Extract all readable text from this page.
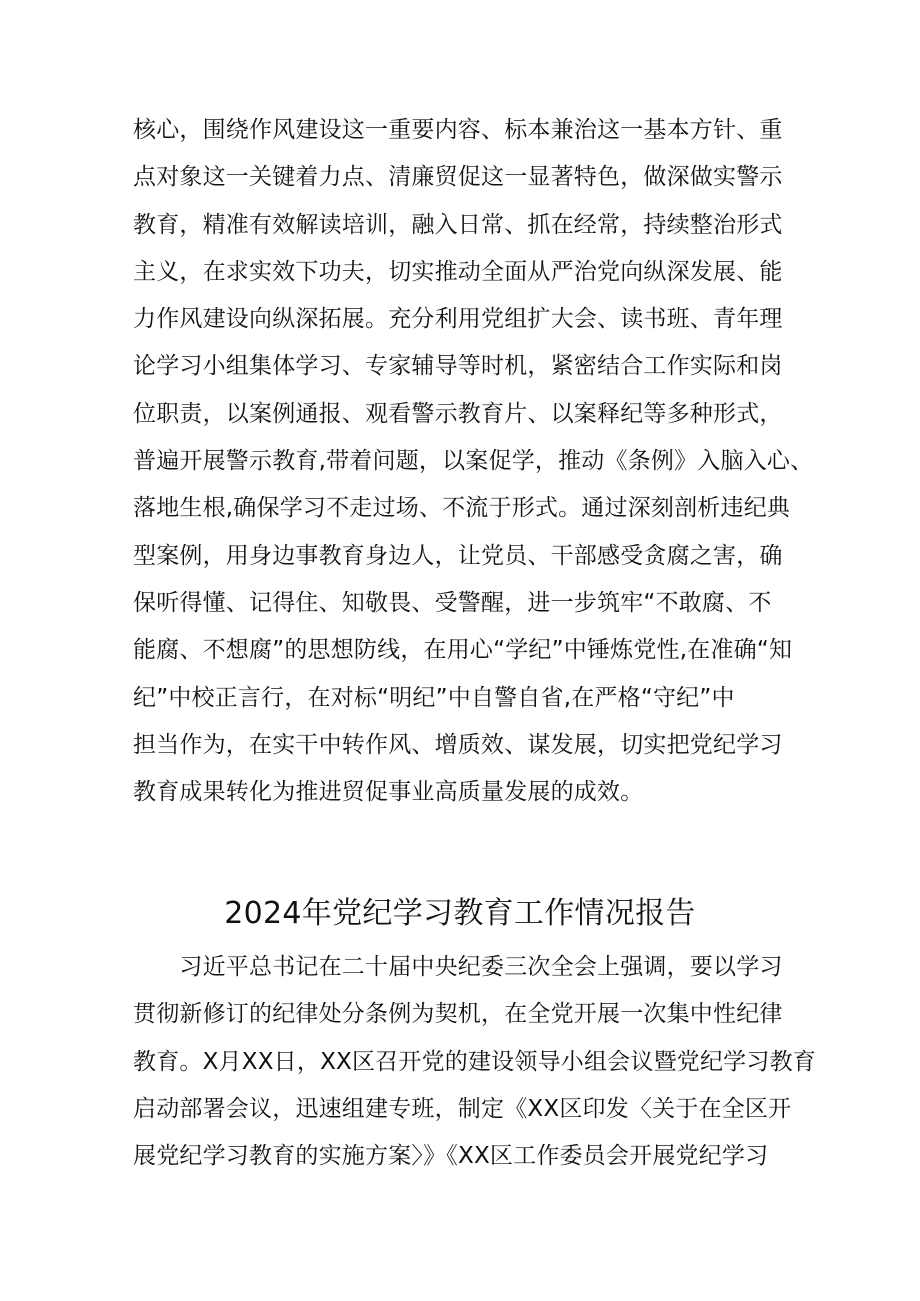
核心，围绕作风建设这一重要内容、标本兼治这一基本方针、重
点对象这一关键着力点、清廉贸促这一显著特色，做深做实警示
教育，精准有效解读培训，融入日常、抓在经常，持续整治形式
主义，在求实效下功夫，切实推动全面从严治党向纵深发展、能
力作风建设向纵深拓展。充分利用党组扩大会、读书班、青年理
论学习小组集体学习、专家辅导等时机，紧密结合工作实际和岗
位职责，以案例通报、观看警示教育片、以案释纪等多种形式，
普遍开展警示教育,带着问题，以案促学，推动《条例》入脑入心、
落地生根,确保学习不走过场、不流于形式。通过深刻剖析违纪典
型案例，用身边事教育身边人，让党员、干部感受贪腐之害，确
保听得懂、记得住、知敬畏、受警醒，进一步筑牢“不敢腐、不
能腐、不想腐”的思想防线，在用心“学纪”中锤炼党性,在准确“知
纪”中校正言行，在对标“明纪”中自警自省,在严格“守纪”中
担当作为，在实干中转作风、增质效、谋发展，切实把党纪学习
教育成果转化为推进贸促事业高质量发展的成效。
2024年党纪学习教育工作情况报告
　　习近平总书记在二十届中央纪委三次全会上强调，要以学习
贯彻新修订的纪律处分条例为契机，在全党开展一次集中性纪律
教育。X月XX日，XX区召开党的建设领导小组会议暨党纪学习教育
启动部署会议，迅速组建专班，制定《XX区印发〈关于在全区开
展党纪学习教育的实施方案〉》《XX区工作委员会开展党纪学习
